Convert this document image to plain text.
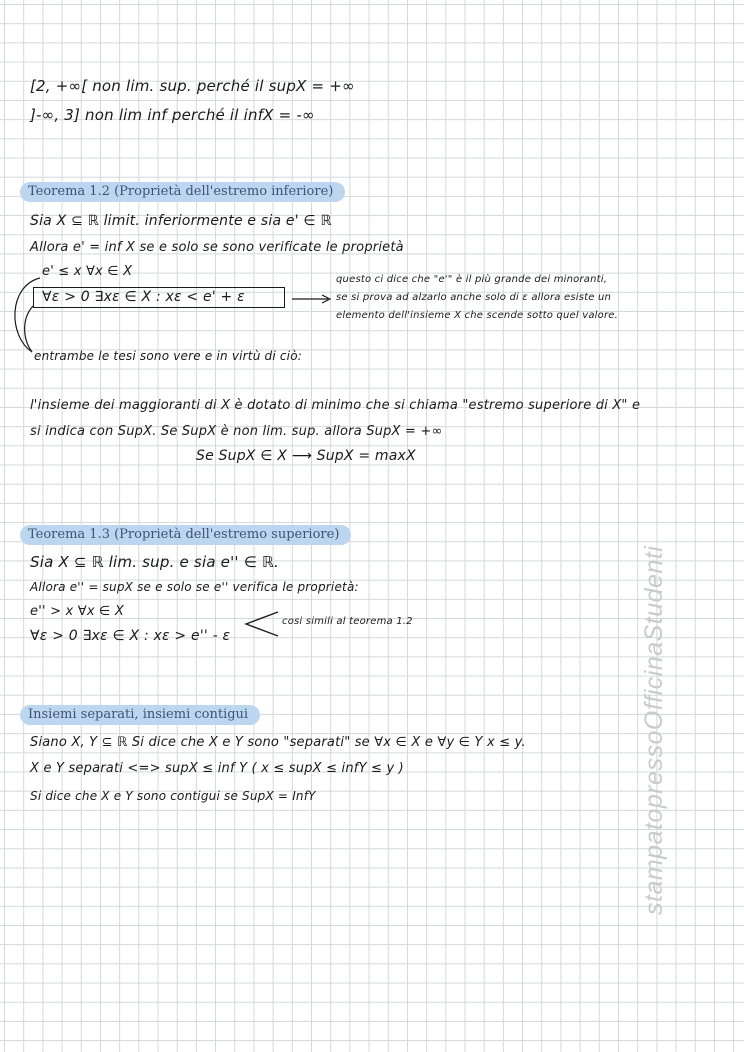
[2, +∞[ non lim. sup. perché il supX = +∞
]-∞, 3] non lim inf perché il infX = -∞
Teorema 1.2 (Proprietà dell'estremo inferiore)
Sia X ⊆ ℝ limit. inferiormente e sia e' ∈ ℝ
Allora e' = inf X se e solo se sono verificate le proprietà
e' ≤ x ∀x ∈ X
∀ε > 0 ∃xε ∈ X : xε < e' + ε
questo ci dice che "e'" è il più grande dei minoranti,
se si prova ad alzarlo anche solo di ε allora esiste un
elemento dell'insieme X che scende sotto quel valore.
entrambe le tesi sono vere e in virtù di ciò:
l'insieme dei maggioranti di X è dotato di minimo che si chiama "estremo superiore di X" e
si indica con SupX. Se SupX è non lim. sup. allora SupX = +∞
Se SupX ∈ X ⟶ SupX = maxX
Teorema 1.3 (Proprietà dell'estremo superiore)
Sia X ⊆ ℝ lim. sup. e sia e'' ∈ ℝ.
Allora e'' = supX se e solo se e'' verifica le proprietà:
e'' > x ∀x ∈ X
∀ε > 0 ∃xε ∈ X : xε > e'' - ε
cosi simili al teorema 1.2
Insiemi separati, insiemi contigui
Siano X, Y ⊆ ℝ Si dice che X e Y sono "separati" se ∀x ∈ X e ∀y ∈ Y x ≤ y.
X e Y separati <=> supX ≤ inf Y ( x ≤ supX ≤ infY ≤ y )
Si dice che X e Y sono contigui se SupX = InfY	stampatopressoOfficinaStudenti
